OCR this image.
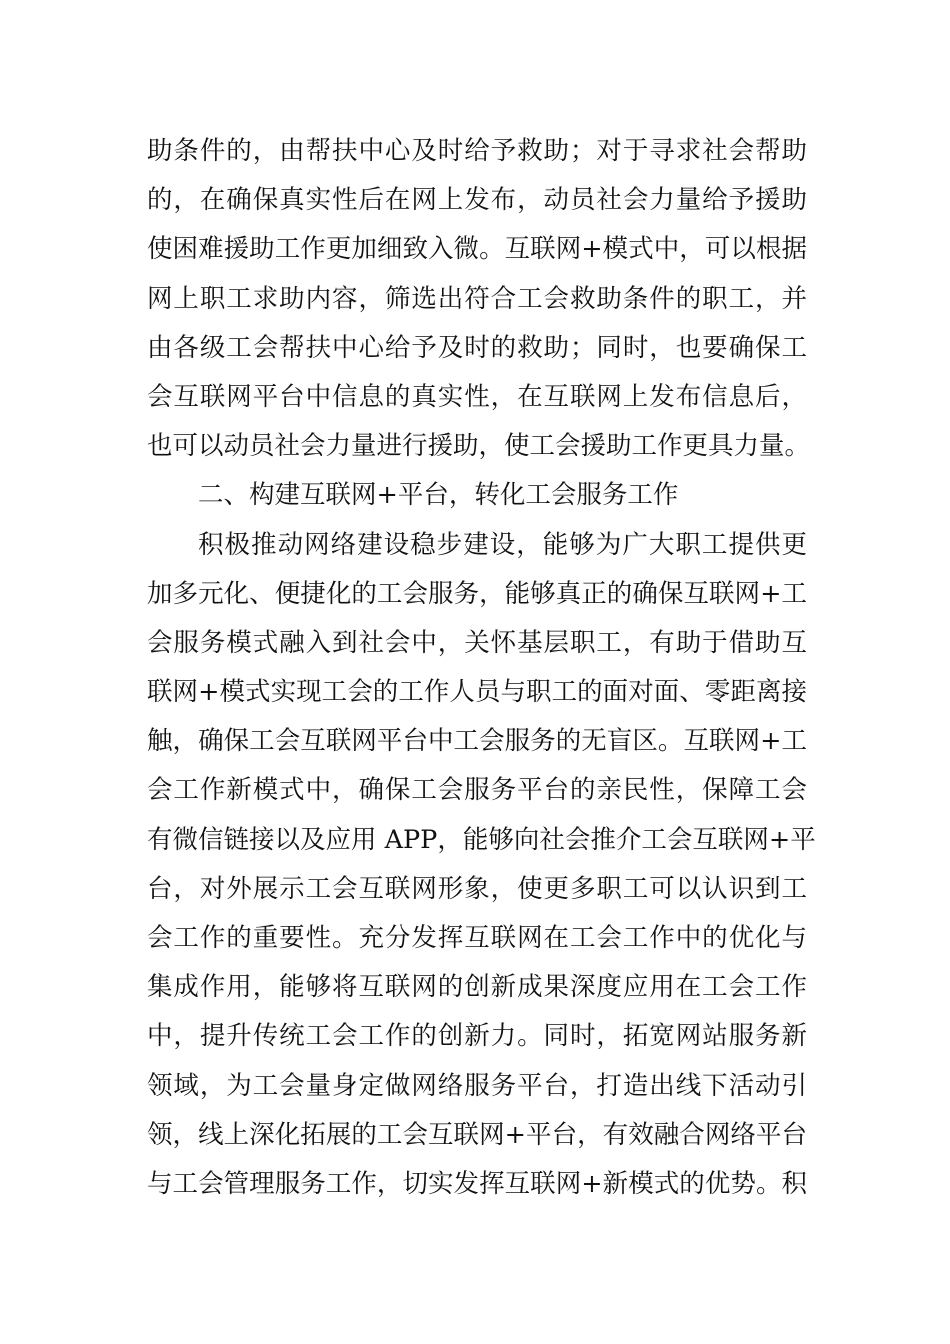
助条件的，由帮扶中心及时给予救助；对于寻求社会帮助
的，在确保真实性后在网上发布，动员社会力量给予援助
使困难援助工作更加细致入微。互联网+模式中，可以根据
网上职工求助内容，筛选出符合工会救助条件的职工，并
由各级工会帮扶中心给予及时的救助；同时，也要确保工
会互联网平台中信息的真实性，在互联网上发布信息后，
也可以动员社会力量进行援助，使工会援助工作更具力量。
二、构建互联网+平台，转化工会服务工作
积极推动网络建设稳步建设，能够为广大职工提供更
加多元化、便捷化的工会服务，能够真正的确保互联网+工
会服务模式融入到社会中，关怀基层职工，有助于借助互
联网+模式实现工会的工作人员与职工的面对面、零距离接
触，确保工会互联网平台中工会服务的无盲区。互联网+工
会工作新模式中，确保工会服务平台的亲民性，保障工会
有微信链接以及应用 APP，能够向社会推介工会互联网+平
台，对外展示工会互联网形象，使更多职工可以认识到工
会工作的重要性。充分发挥互联网在工会工作中的优化与
集成作用，能够将互联网的创新成果深度应用在工会工作
中，提升传统工会工作的创新力。同时，拓宽网站服务新
领域，为工会量身定做网络服务平台，打造出线下活动引
领，线上深化拓展的工会互联网+平台，有效融合网络平台
与工会管理服务工作，切实发挥互联网+新模式的优势。积
